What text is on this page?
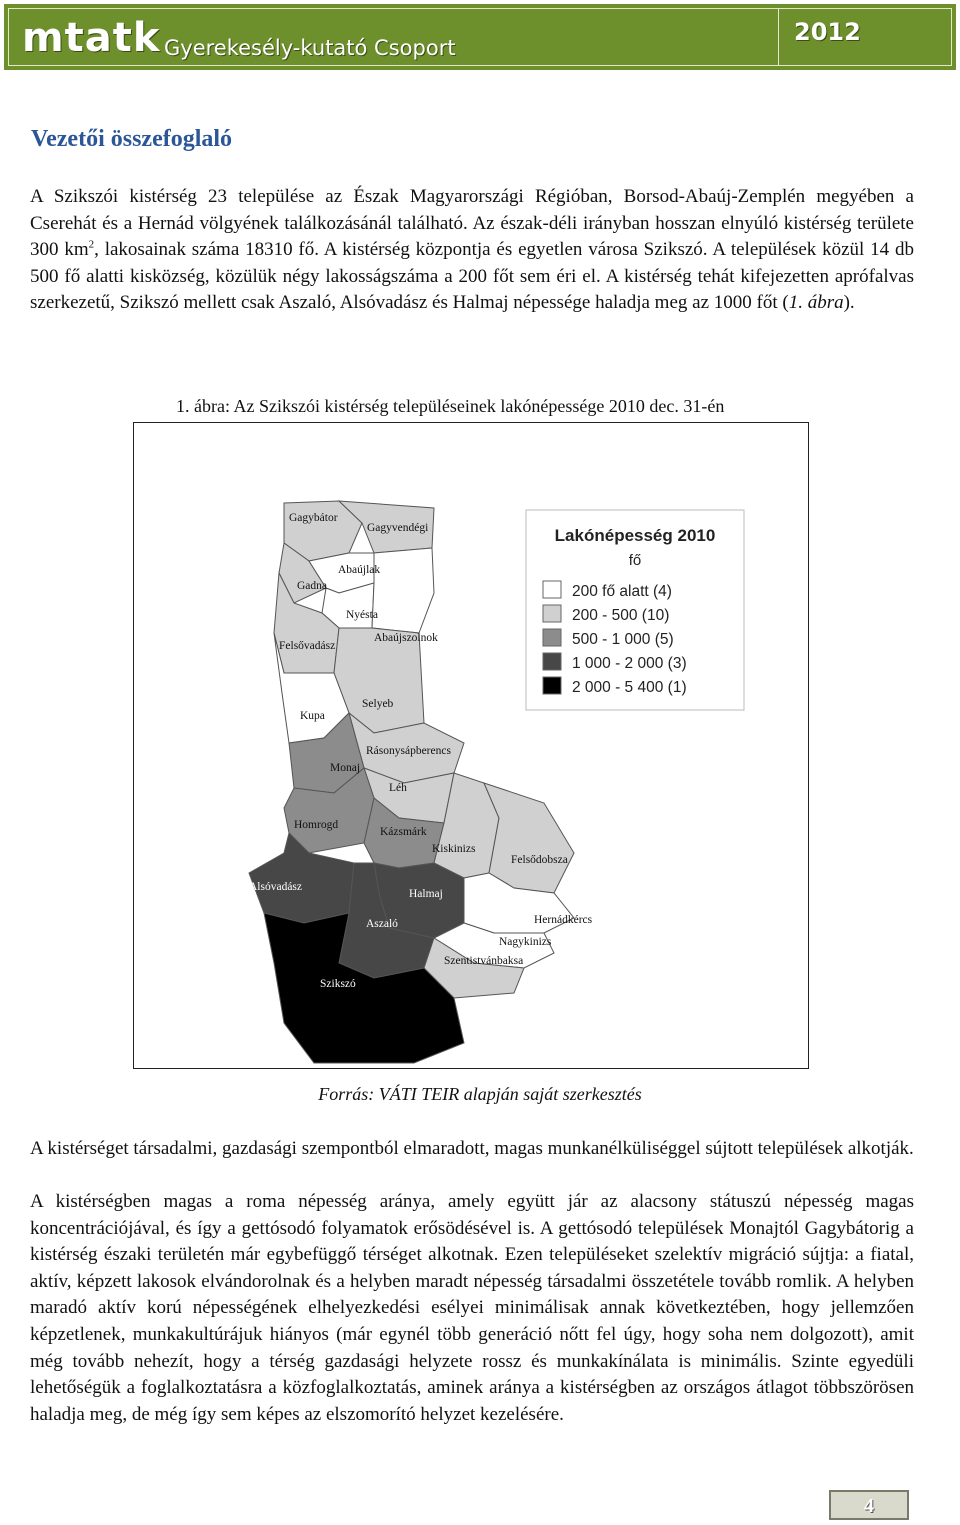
mtatk Gyerekesély-kutató Csoport
2012
Vezetői összefoglaló
A Szikszói kistérség 23 települése az Észak Magyarországi Régióban, Borsod-Abaúj-Zemplén megyében a Cserehát és a Hernád völgyének találkozásánál található. Az észak-déli irányban hosszan elnyúló kistérség területe 300 $km^2$, lakosainak száma 18310 fő. A kistérség központja és egyetlen városa Szikszó. A települések közül 14 db 500 fő alatti kisközség, közülük négy lakosságszáma a 200 főt sem éri el. A kistérség tehát kifejezetten aprófalvas szerkezetű, Szikszó mellett csak Aszaló, Alsóvadász és Halmaj népessége haladja meg az 1000 főt (1. ábra).
1. ábra: Az Szikszói kistérség településeinek lakónépessége 2010 dec. 31-én
Gagybátor
Gagyvendégi
Abaújlak
Gadna
Nyésta
Felsővadász
Abaújszolnok
Selyeb
Kupa
Rásonysápberencs
Monaj
Léh
Homrogd
Kázsmárk
Kiskinizs
Felsődobsza
Alsóvadász
Halmaj
Hernádkércs
Aszaló
Nagykinizs
Szentistvánbaksa
Szikszó
Lakónépesség 2010
fő
200 fő alatt (4)
200 - 500 (10)
500 - 1 000 (5)
1 000 - 2 000 (3)
2 000 - 5 400 (1)
Forrás: VÁTI TEIR alapján saját szerkesztés
A kistérséget társadalmi, gazdasági szempontból elmaradott, magas munkanélküliséggel sújtott települések alkotják.
A kistérségben magas a roma népesség aránya, amely együtt jár az alacsony státuszú népesség magas koncentrációjával, és így a gettósodó folyamatok erősödésével is. A gettósodó települések Monajtól Gagybátorig a kistérség északi területén már egybefüggő térséget alkotnak. Ezen településeket szelektív migráció sújtja: a fiatal, aktív, képzett lakosok elvándorolnak és a helyben maradt népesség társadalmi összetétele tovább romlik. A helyben maradó aktív korú népességének elhelyezkedési esélyei minimálisak annak következtében, hogy jellemzően képzetlenek, munkakultúrájuk hiányos (már egynél több generáció nőtt fel úgy, hogy soha nem dolgozott), amit még tovább nehezít, hogy a térség gazdasági helyzete rossz és munkakínálata is minimális. Szinte egyedüli lehetőségük a foglalkoztatásra a közfoglalkoztatás, aminek aránya a kistérségben az országos átlagot többszörösen haladja meg, de még így sem képes az elszomorító helyzet kezelésére.
4
